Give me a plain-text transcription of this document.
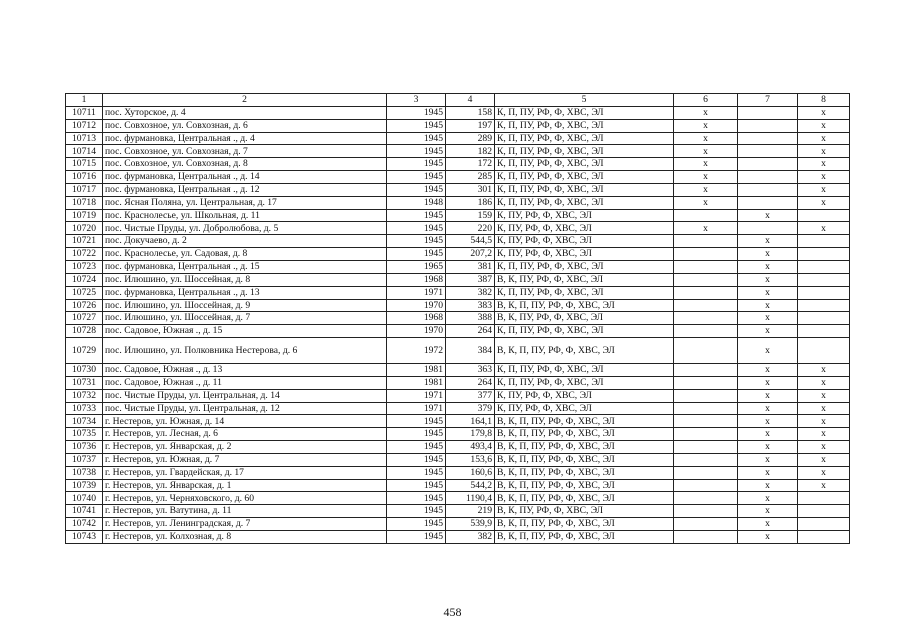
1	2	3	4	5	6	7	8
10711	пос. Хуторское, д. 4	1945	158	К, П, ПУ, РФ, Ф, ХВС, ЭЛ	х		х
10712	пос. Совхозное, ул. Совхозная, д. 6	1945	197	К, П, ПУ, РФ, Ф, ХВС, ЭЛ	х		х
10713	пос. фурмановка, Центральная ., д. 4	1945	289	К, П, ПУ, РФ, Ф, ХВС, ЭЛ	х		х
10714	пос. Совхозное, ул. Совхозная, д. 7	1945	182	К, П, ПУ, РФ, Ф, ХВС, ЭЛ	х		х
10715	пос. Совхозное, ул. Совхозная, д. 8	1945	172	К, П, ПУ, РФ, Ф, ХВС, ЭЛ	х		х
10716	пос. фурмановка, Центральная ., д. 14	1945	285	К, П, ПУ, РФ, Ф, ХВС, ЭЛ	х		х
10717	пос. фурмановка, Центральная ., д. 12	1945	301	К, П, ПУ, РФ, Ф, ХВС, ЭЛ	х		х
10718	пос. Ясная Поляна, ул. Центральная, д. 17	1948	186	К, П, ПУ, РФ, Ф, ХВС, ЭЛ	х		х
10719	пос. Краснолесье, ул. Школьная, д. 11	1945	159	К, ПУ, РФ, Ф, ХВС, ЭЛ		х	
10720	пос. Чистые Пруды, ул. Добролюбова, д. 5	1945	220	К, ПУ, РФ, Ф, ХВС, ЭЛ	х		х
10721	пос. Докучаево, д. 2	1945	544,5	К, ПУ, РФ, Ф, ХВС, ЭЛ		х	
10722	пос. Краснолесье, ул. Садовая, д. 8	1945	207,2	К, ПУ, РФ, Ф, ХВС, ЭЛ		х	
10723	пос. фурмановка, Центральная ., д. 15	1965	381	К, П, ПУ, РФ, Ф, ХВС, ЭЛ		х	
10724	пос. Илюшино, ул. Шоссейная, д. 8	1968	387	В, К, ПУ, РФ, Ф, ХВС, ЭЛ		х	
10725	пос. фурмановка, Центральная ., д. 13	1971	382	К, П, ПУ, РФ, Ф, ХВС, ЭЛ		х	
10726	пос. Илюшино, ул. Шоссейная, д. 9	1970	383	В, К, П, ПУ, РФ, Ф, ХВС, ЭЛ		х	
10727	пос. Илюшино, ул. Шоссейная, д. 7	1968	388	В, К, ПУ, РФ, Ф, ХВС, ЭЛ		х	
10728	пос. Садовое, Южная ., д. 15	1970	264	К, П, ПУ, РФ, Ф, ХВС, ЭЛ		х	
10729	пос. Илюшино, ул. Полковника Нестерова, д. 6	1972	384	В, К, П, ПУ, РФ, Ф, ХВС, ЭЛ		х	
10730	пос. Садовое, Южная ., д. 13	1981	363	К, П, ПУ, РФ, Ф, ХВС, ЭЛ		х	х
10731	пос. Садовое, Южная ., д. 11	1981	264	К, П, ПУ, РФ, Ф, ХВС, ЭЛ		х	х
10732	пос. Чистые Пруды, ул. Центральная, д. 14	1971	377	К, ПУ, РФ, Ф, ХВС, ЭЛ		х	х
10733	пос. Чистые Пруды, ул. Центральная, д. 12	1971	379	К, ПУ, РФ, Ф, ХВС, ЭЛ		х	х
10734	г. Нестеров, ул. Южная, д. 14	1945	164,1	В, К, П, ПУ, РФ, Ф, ХВС, ЭЛ		х	х
10735	г. Нестеров, ул. Лесная, д. 6	1945	179,8	В, К, П, ПУ, РФ, Ф, ХВС, ЭЛ		х	х
10736	г. Нестеров, ул. Январская, д. 2	1945	493,4	В, К, П, ПУ, РФ, Ф, ХВС, ЭЛ		х	х
10737	г. Нестеров, ул. Южная, д. 7	1945	153,6	В, К, П, ПУ, РФ, Ф, ХВС, ЭЛ		х	х
10738	г. Нестеров, ул. Гвардейская, д. 17	1945	160,6	В, К, П, ПУ, РФ, Ф, ХВС, ЭЛ		х	х
10739	г. Нестеров, ул. Январская, д. 1	1945	544,2	В, К, П, ПУ, РФ, Ф, ХВС, ЭЛ		х	х
10740	г. Нестеров, ул. Черняховского, д. 60	1945	1190,4	В, К, П, ПУ, РФ, Ф, ХВС, ЭЛ		х	
10741	г. Нестеров, ул. Ватутина, д. 11	1945	219	В, К, ПУ, РФ, Ф, ХВС, ЭЛ		х	
10742	г. Нестеров, ул. Ленинградская, д. 7	1945	539,9	В, К, П, ПУ, РФ, Ф, ХВС, ЭЛ		х	
10743	г. Нестеров, ул. Колхозная, д. 8	1945	382	В, К, П, ПУ, РФ, Ф, ХВС, ЭЛ		х	
458
